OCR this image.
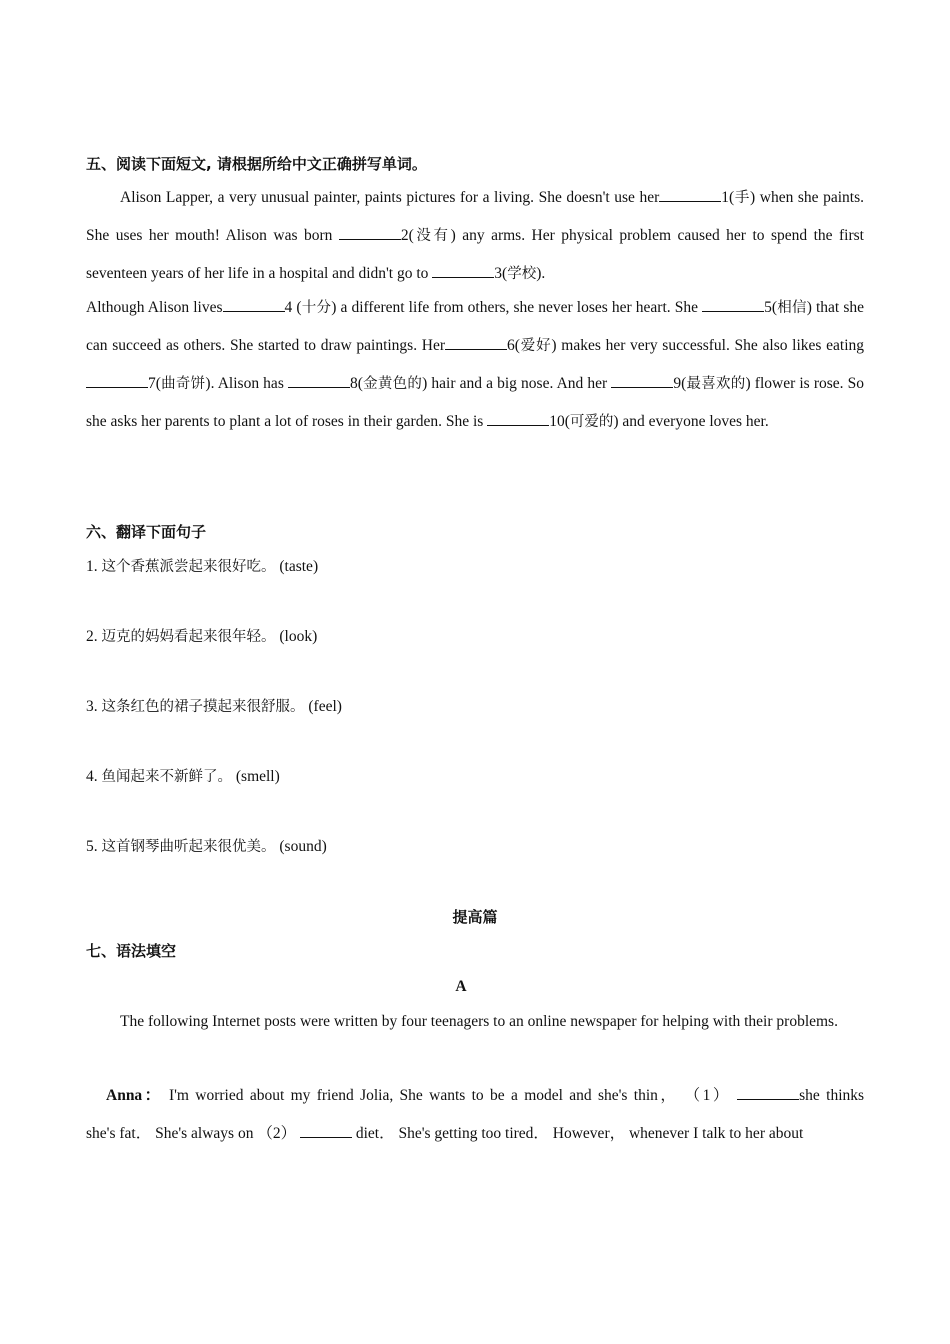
五、阅读下面短文, 请根据所给中文正确拼写单词。
Alison Lapper, a very unusual painter, paints pictures for a living. She doesn't use her	1(手) when she paints. She uses her mouth! Alison was born	2(没有) any arms. Her physical problem caused her to spend the first seventeen years of her life in a hospital and didn't go to	3(学校).
Although Alison lives	4 (十分) a different life from others, she never loses her heart. She	5(相信) that she can succeed as others. She started to draw paintings. Her	6(爱好) makes her very successful. She also likes eating7(曲奇饼). Alison has	8(金黄色的) hair and a big nose. And her	9(最喜欢的) flower is rose. So she asks her parents to plant a lot of roses in their garden. She is	10(可爱的) and everyone loves her.
六、翻译下面句子
1. 这个香蕉派尝起来很好吃。 (taste)
2. 迈克的妈妈看起来很年轻。 (look)
3. 这条红色的裙子摸起来很舒服。 (feel)
4. 鱼闻起来不新鲜了。 (smell)
5. 这首钢琴曲听起来很优美。 (sound)
提高篇
七、语法填空
A
The following Internet posts were written by four teenagers to an online newspaper for helping with their problems.
Anna： I'm worried about my friend Jolia, She wants to be a model and she's thin， （1）	she thinks
she's fat． She's always on （2）	diet． She's getting too tired． However， whenever I talk to her about
